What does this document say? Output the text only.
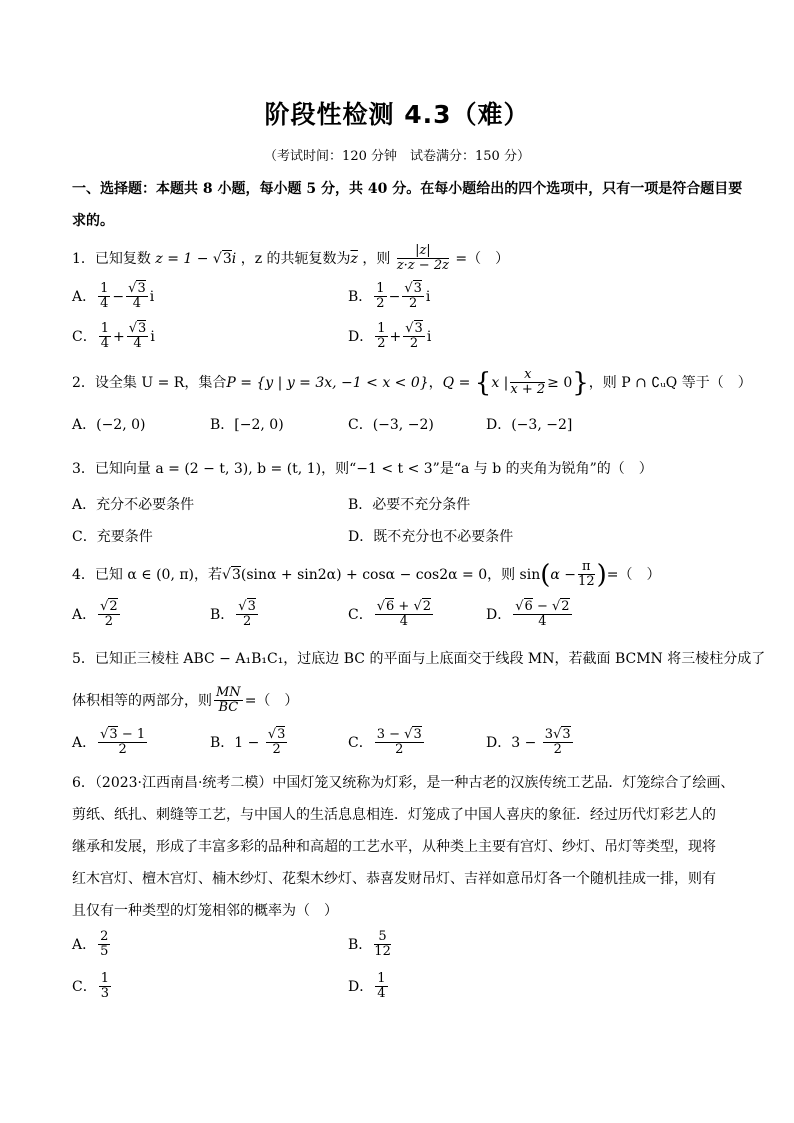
阶段性检测 4.3（难）
（考试时间：120 分钟　试卷满分：150 分）
一、选择题：本题共 8 小题，每小题 5 分，共 40 分。在每小题给出的四个选项中，只有一项是符合题目要
求的。
1．已知复数 z = 1 − √3i ，z 的共轭复数为$\overline{z}$ ，则 $\frac{|z|}{z\cdot z - 2z}$ =（　）
A． $\frac{1}{4} - \frac{√3}{4}$ i	B． $\frac{1}{2} - \frac{√3}{2}$ i
C． $\frac{1}{4} + \frac{√3}{4}$ i	D． $\frac{1}{2} + \frac{√3}{2}$ i
2．设全集 U = R，集合P = {y | y = 3x, −1 < x < 0}，Q = {x | $\frac{x}{x + 2} \ge 0$}，则 P ∩ ∁ᵤQ 等于（　）
A．(−2, 0)	B．[−2, 0)	C．(−3, −2)	D．(−3, −2]
3．已知向量 a = (2 − t, 3), b = (t, 1)，则“−1 < t < 3”是“a 与 b 的夹角为锐角”的（　）
A．充分不必要条件	B．必要不充分条件
C．充要条件	D．既不充分也不必要条件
4．已知 α ∈ (0, π)，若√3(sinα + sin2α) + cosα − cos2α = 0，则 $\sin(\alpha - \frac{\pi}{12}$ )=（　）
A． $\frac{√2}{2}$	B． $\frac{√3}{2}$	C． $\frac{√6 + √2}{4}$	D． $\frac{√6 - √2}{4}$
5．已知正三棱柱 ABC − A₁B₁C₁，过底边 BC 的平面与上底面交于线段 MN，若截面 BCMN 将三棱柱分成了
体积相等的两部分，则 $\frac{MN}{BC}$ =（　）
A． $\frac{√3 - 1}{2}$	B．$1 - \frac{√3}{2}$	C． $\frac{3 - √3}{2}$	D．$3 - \frac{3√3}{2}$
6．（2023·江西南昌·统考二模）中国灯笼又统称为灯彩，是一种古老的汉族传统工艺品．灯笼综合了绘画、
剪纸、纸扎、刺缝等工艺，与中国人的生活息息相连．灯笼成了中国人喜庆的象征．经过历代灯彩艺人的
继承和发展，形成了丰富多彩的品种和高超的工艺水平，从种类上主要有宫灯、纱灯、吊灯等类型，现将
红木宫灯、檀木宫灯、楠木纱灯、花梨木纱灯、恭喜发财吊灯、吉祥如意吊灯各一个随机挂成一排，则有
且仅有一种类型的灯笼相邻的概率为（　）
A． $\frac{2}{5}$	B． $\frac{5}{12}$
C． $\frac{1}{3}$	D． $\frac{1}{4}$
